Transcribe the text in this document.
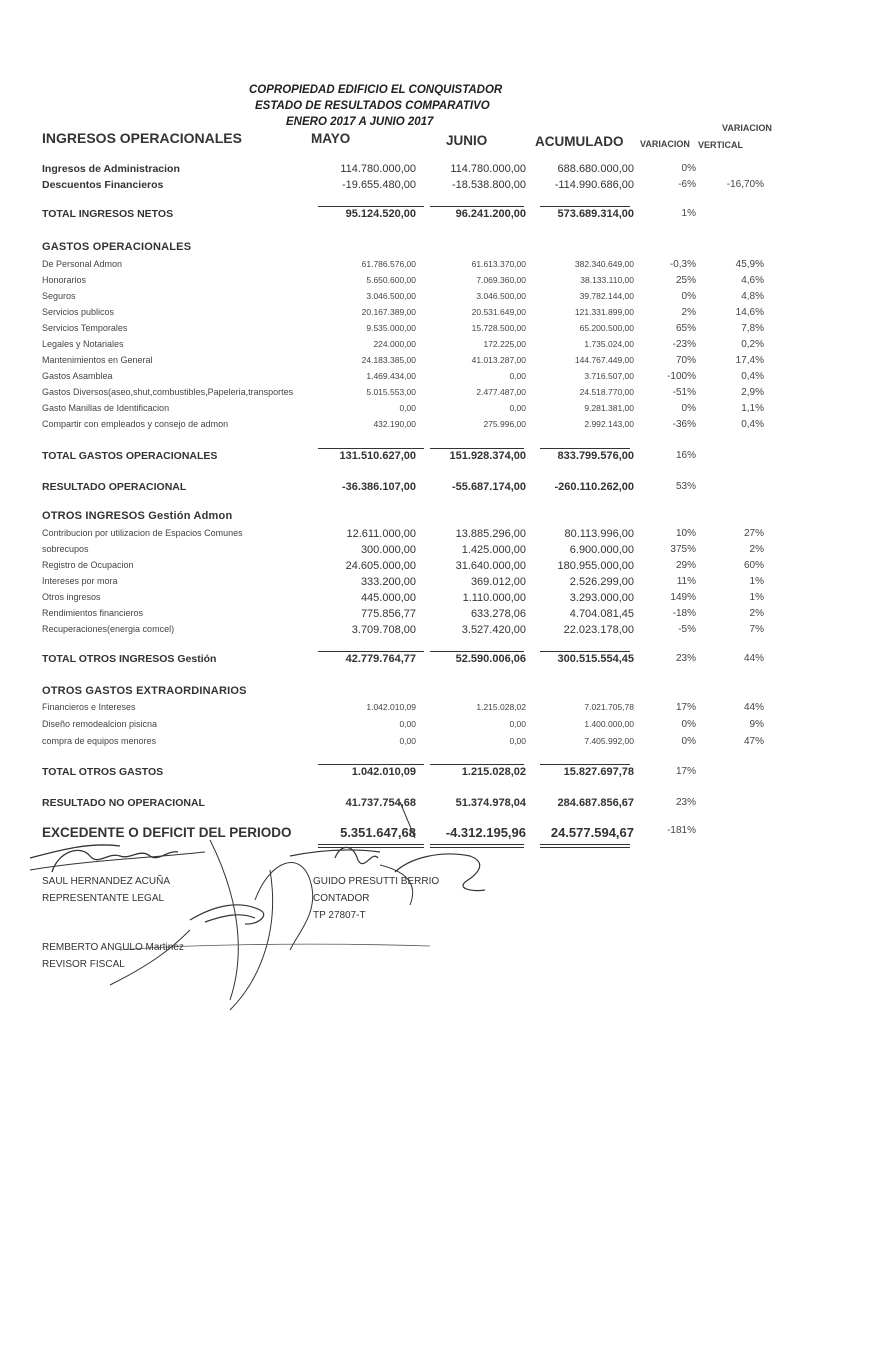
COPROPIEDAD EDIFICIO EL CONQUISTADOR
ESTADO DE RESULTADOS COMPARATIVO
ENERO 2017 A JUNIO 2017
INGRESOS OPERACIONALES	MAYO	JUNIO	ACUMULADO
VARIACION
VARIACION VERTICAL
Ingresos de Administracion	114.780.000,00	114.780.000,00	688.680.000,00	0%
Descuentos Financieros	-19.655.480,00	-18.538.800,00	-114.990.686,00	-6%	-16,70%
TOTAL INGRESOS NETOS	95.124.520,00	96.241.200,00	573.689.314,00	1%
GASTOS OPERACIONALES
De Personal Admon	61.786.576,00	61.613.370,00	382.340.649,00	-0,3%	45,9%
Honorarios	5.650.600,00	7.069.360,00	38.133.110,00	25%	4,6%
Seguros	3.046.500,00	3.046.500,00	39.782.144,00	0%	4,8%
Servicios publicos	20.167.389,00	20.531.649,00	121.331.899,00	2%	14,6%
Servicios Temporales	9.535.000,00	15.728.500,00	65.200.500,00	65%	7,8%
Legales y Notariales	224.000,00	172.225,00	1.735.024,00	-23%	0,2%
Mantenimientos en General	24.183.385,00	41.013.287,00	144.767.449,00	70%	17,4%
Gastos Asamblea	1.469.434,00	0,00	3.716.507,00	-100%	0,4%
Gastos Diversos(aseo,shut,combustibles,Papeleria,transportes	5.015.553,00	2.477.487,00	24.518.770,00	-51%	2,9%
Gasto Manillas de Identificacion	0,00	0,00	9.281.381,00	0%	1,1%
Compartir con empleados y consejo de admon	432.190,00	275.996,00	2.992.143,00	-36%	0,4%
TOTAL GASTOS OPERACIONALES	131.510.627,00	151.928.374,00	833.799.576,00	16%
RESULTADO OPERACIONAL	-36.386.107,00	-55.687.174,00	-260.110.262,00	53%
OTROS INGRESOS Gestión Admon
Contribucion por utilizacion de Espacios Comunes	12.611.000,00	13.885.296,00	80.113.996,00	10%	27%
sobrecupos	300.000,00	1.425.000,00	6.900.000,00	375%	2%
Registro de Ocupacion	24.605.000,00	31.640.000,00	180.955.000,00	29%	60%
Intereses por mora	333.200,00	369.012,00	2.526.299,00	11%	1%
Otros ingresos	445.000,00	1.110.000,00	3.293.000,00	149%	1%
Rendimientos financieros	775.856,77	633.278,06	4.704.081,45	-18%	2%
Recuperaciones(energia comcel)	3.709.708,00	3.527.420,00	22.023.178,00	-5%	7%
TOTAL OTROS INGRESOS Gestión	42.779.764,77	52.590.006,06	300.515.554,45	23%	44%
OTROS GASTOS EXTRAORDINARIOS
Financieros e Intereses	1.042.010,09	1.215.028,02	7.021.705,78	17%	44%
Diseño remodealcion pisicna	0,00	0,00	1.400.000,00	0%	9%
compra de equipos menores	0,00	0,00	7.405.992,00	0%	47%
TOTAL OTROS GASTOS	1.042.010,09	1.215.028,02	15.827.697,78	17%
RESULTADO NO OPERACIONAL	41.737.754,68	51.374.978,04	284.687.856,67	23%
EXCEDENTE O DEFICIT DEL PERIODO	5.351.647,68 -4.312.195,96 24.577.594,67	-181%
SAUL HERNANDEZ ACUÑA
REPRESENTANTE LEGAL
GUIDO PRESUTTI BERRIO
CONTADOR
TP 27807-T
REMBERTO ANGULO Martinez
REVISOR FISCAL
